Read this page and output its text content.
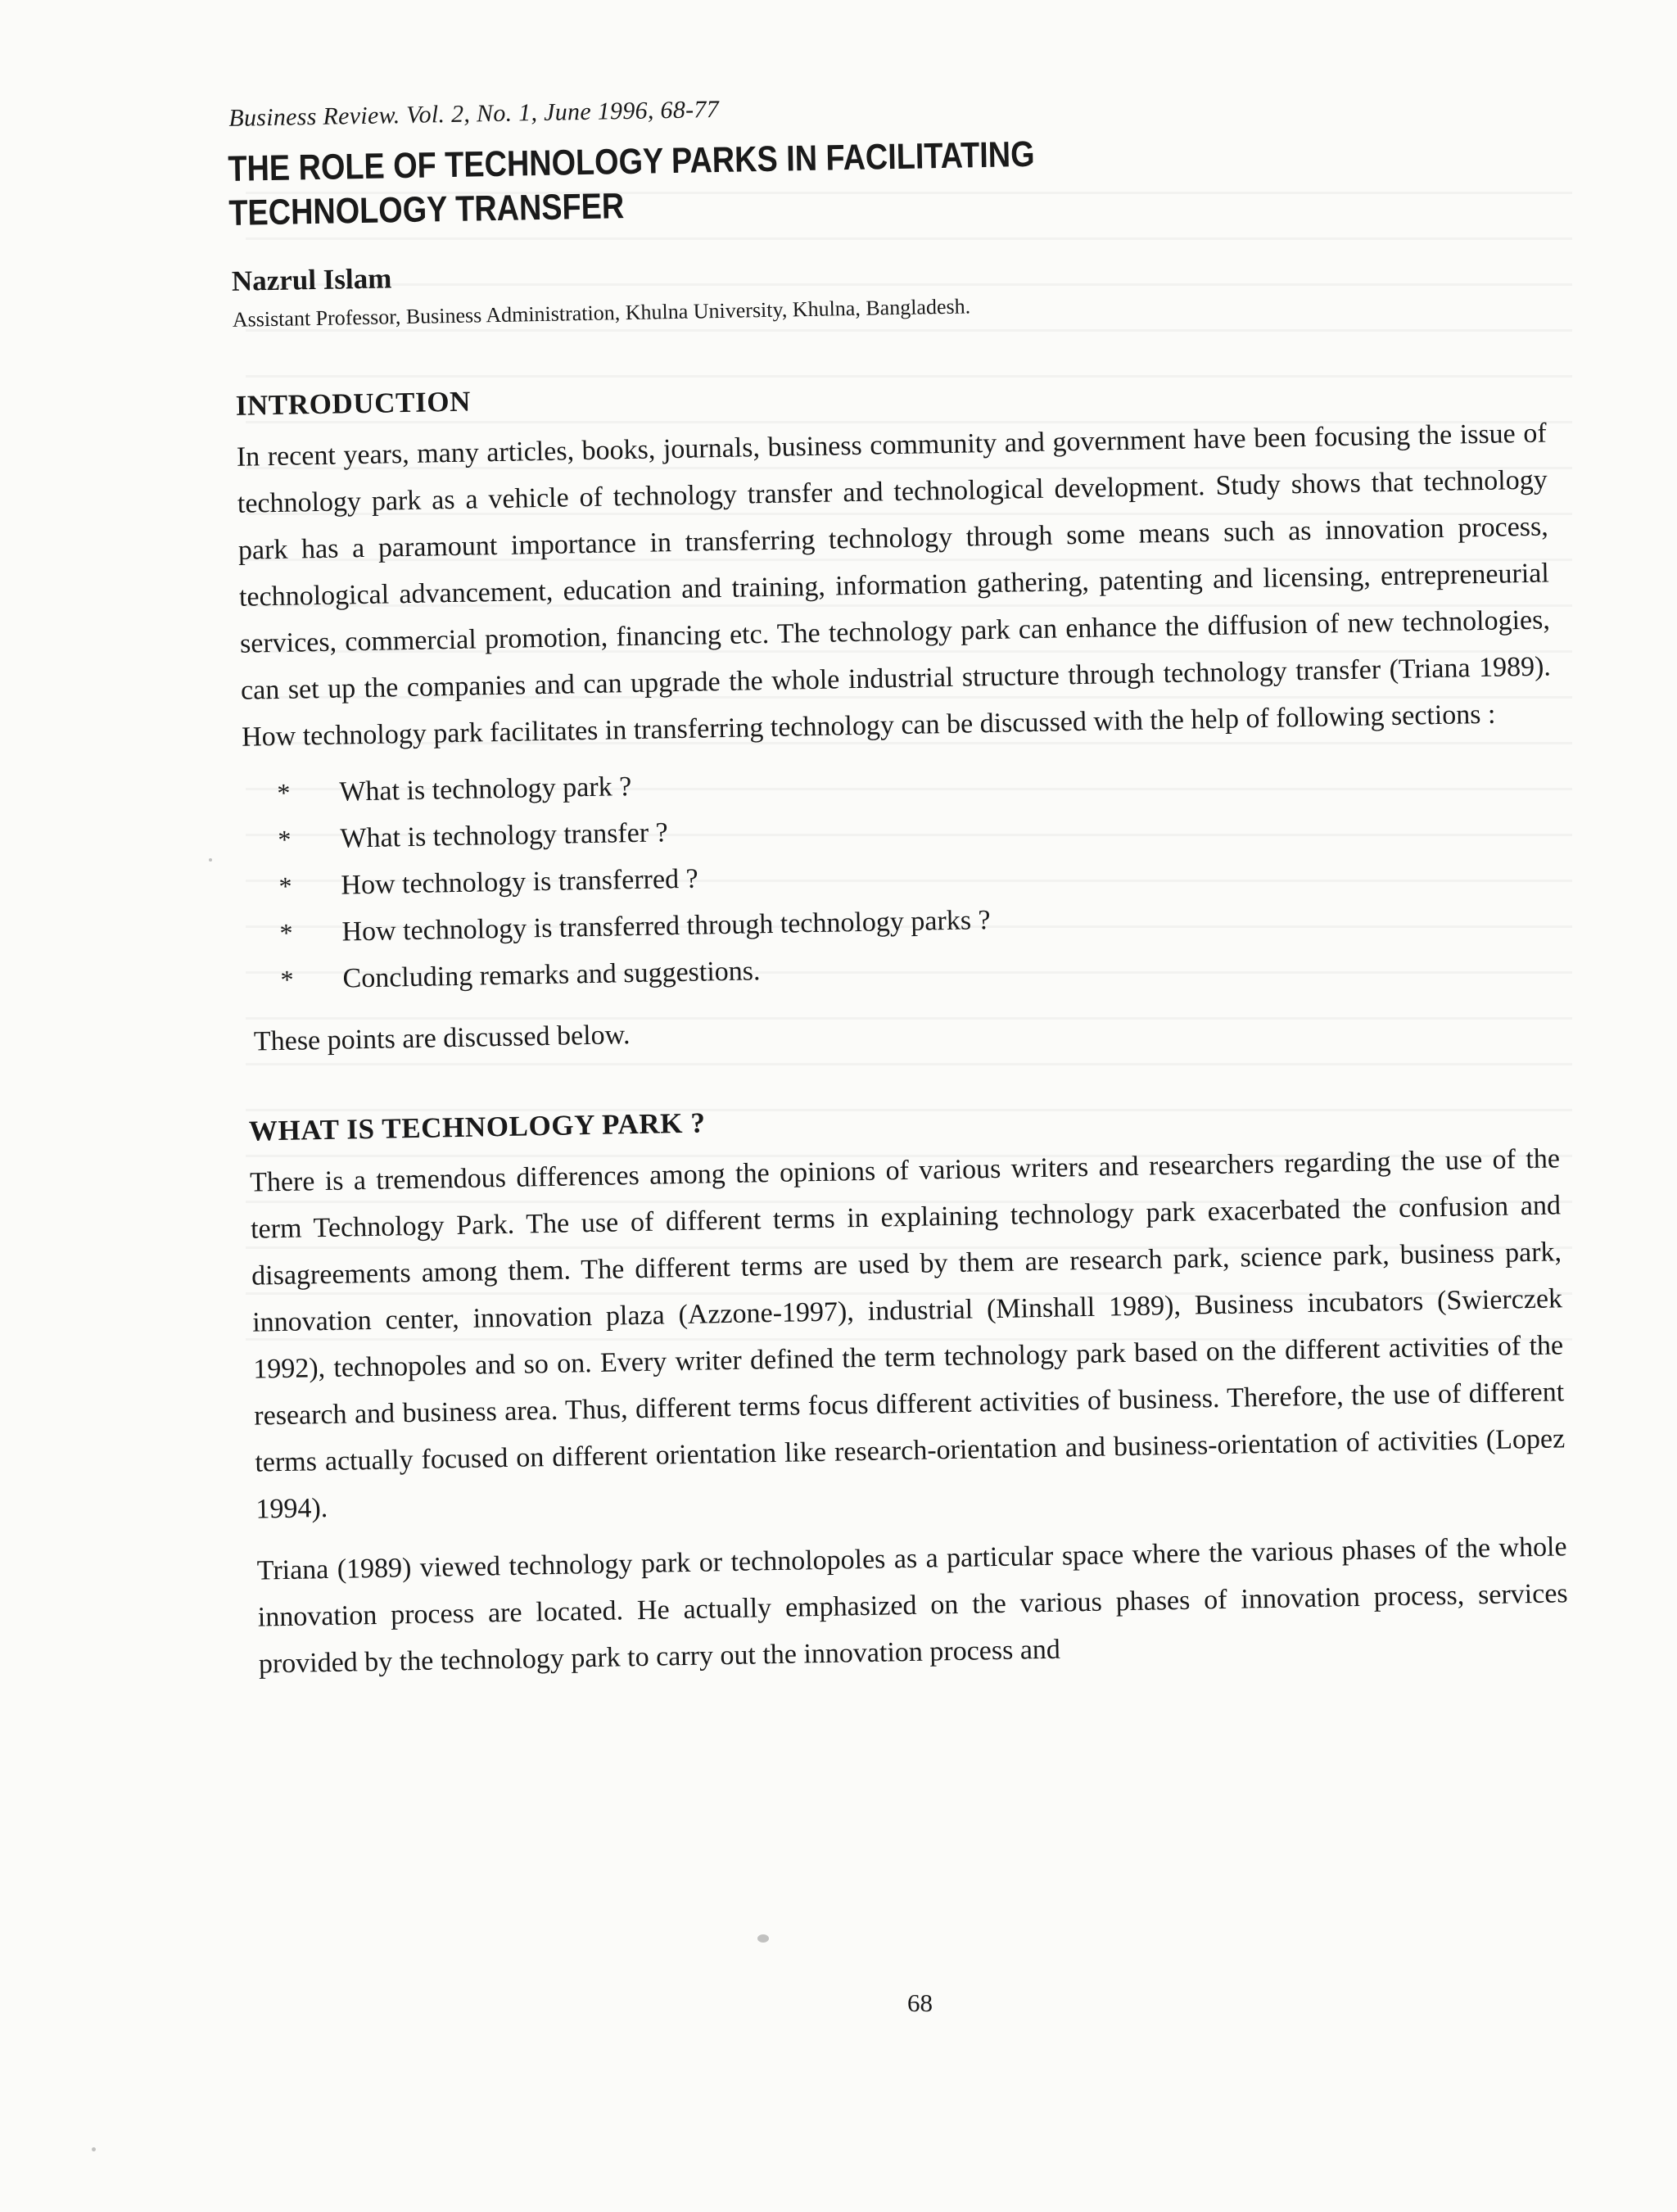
Business Review. Vol. 2, No. 1, June 1996, 68-77
THE ROLE OF TECHNOLOGY PARKS IN FACILITATING
TECHNOLOGY TRANSFER
Nazrul Islam
Assistant Professor, Business Administration, Khulna University, Khulna, Bangladesh.
INTRODUCTION

In recent years, many articles, books, journals, business community and government have been focusing the issue of technology park as a vehicle of technology transfer and technological development. Study shows that technology park has a paramount importance in transferring technology through some means such as innovation process, technological advancement, education and training, information gathering, patenting and licensing, entrepreneurial services, commercial promotion, financing etc. The technology park can enhance the diffusion of new technologies, can set up the companies and can upgrade the whole industrial structure through technology transfer (Triana 1989). How technology park facilitates in transferring technology can be discussed with the help of following sections :

*	What is technology park ?
*	What is technology transfer ?
*	How technology is transferred ?
*	How technology is transferred through technology parks ?
*	Concluding remarks and suggestions.
These points are discussed below.
WHAT IS TECHNOLOGY PARK ?

There is a tremendous differences among the opinions of various writers and researchers regarding the use of the term Technology Park. The use of different terms in explaining technology park exacerbated the confusion and disagreements among them. The different terms are used by them are research park, science park, business park, innovation center, innovation plaza (Azzone-1997), industrial (Minshall 1989), Business incubators (Swierczek 1992), technopoles and so on. Every writer defined the term technology park based on the different activities of the research and business area. Thus, different terms focus different activities of business. Therefore, the use of different terms actually focused on different orientation like research-orientation and business-orientation of activities (Lopez 1994).

Triana (1989) viewed technology park or technolopoles as a particular space where the various phases of the whole innovation process are located. He actually emphasized on the various phases of innovation process, services provided by the technology park to carry out the innovation process and

68
